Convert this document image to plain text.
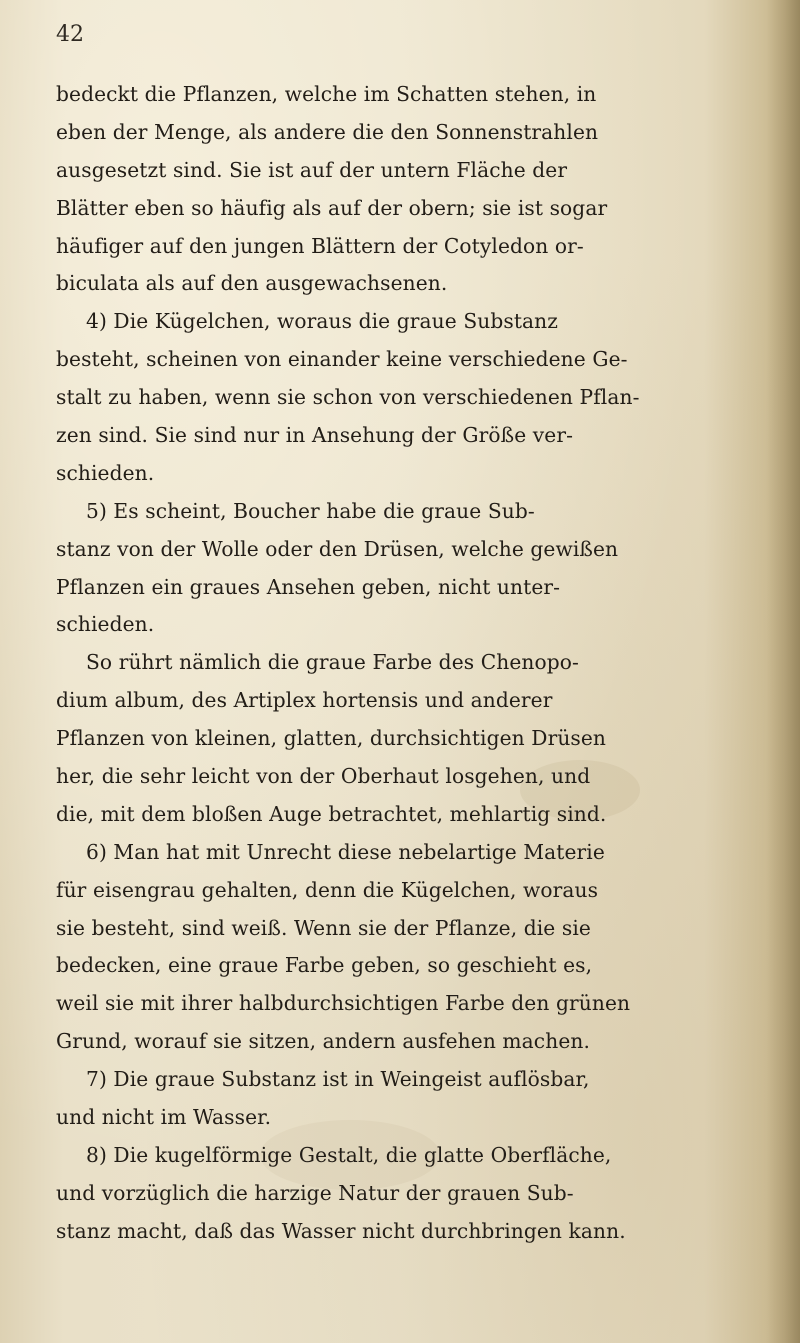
42
bedeckt die Pflanzen, welche im Schatten stehen, in
eben der Menge, als andere die den Sonnenstrahlen
ausgesetzt sind. Sie ist auf der untern Fläche der
Blätter eben so häufig als auf der obern; sie ist sogar
häufiger auf den jungen Blättern der Cotyledon or-
biculata als auf den ausgewachsenen.
4) Die Kügelchen, woraus die graue Substanz
besteht, scheinen von einander keine verschiedene Ge-
stalt zu haben, wenn sie schon von verschiedenen Pflan-
zen sind. Sie sind nur in Ansehung der Größe ver-
schieden.
5) Es scheint, Boucher habe die graue Sub-
stanz von der Wolle oder den Drüsen, welche gewißen
Pflanzen ein graues Ansehen geben, nicht unter-
schieden.
So rührt nämlich die graue Farbe des Chenopo-
dium album, des Artiplex hortensis und anderer
Pflanzen von kleinen, glatten, durchsichtigen Drüsen
her, die sehr leicht von der Oberhaut losgehen, und
die, mit dem bloßen Auge betrachtet, mehlartig sind.
6) Man hat mit Unrecht diese nebelartige Materie
für eisengrau gehalten, denn die Kügelchen, woraus
sie besteht, sind weiß. Wenn sie der Pflanze, die sie
bedecken, eine graue Farbe geben, so geschieht es,
weil sie mit ihrer halbdurchsichtigen Farbe den grünen
Grund, worauf sie sitzen, andern ausfehen machen.
7) Die graue Substanz ist in Weingeist auflösbar,
und nicht im Wasser.
8) Die kugelförmige Gestalt, die glatte Oberfläche,
und vorzüglich die harzige Natur der grauen Sub-
stanz macht, daß das Wasser nicht durchbringen kann.
